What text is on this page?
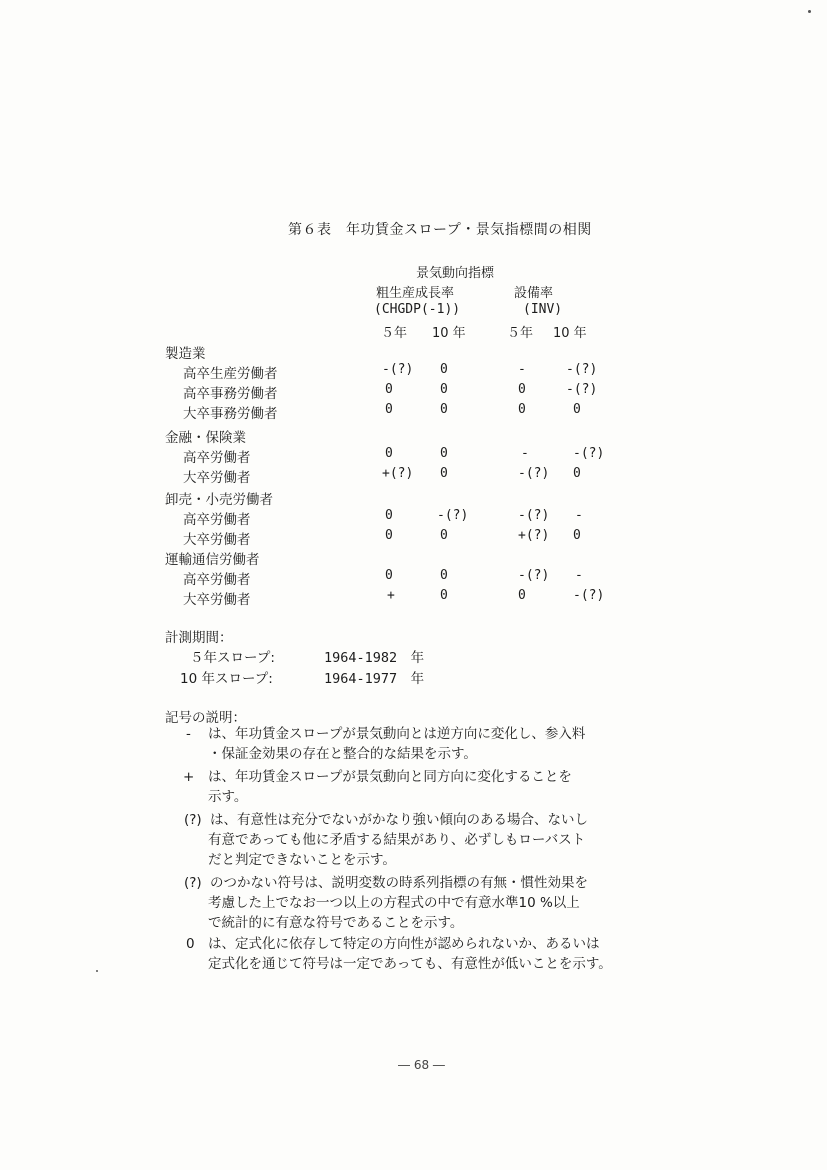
第６表　年功賃金スロープ・景気指標間の相関
景気動向指標
粗生産成長率	設備率
(CHGDP(-1))	(INV)
５年 10 年	５年 10 年
製造業
高卒生産労働者	-(?) 0	-	-(?)
高卒事務労働者	0	0	0	-(?)
大卒事務労働者	0	0	0	0
金融・保険業
高卒労働者	0	0	-	-(?)
大卒労働者	+(?) 0	-(?) 0
卸売・小売労働者
高卒労働者	0	-(?)	-(?) -
大卒労働者	0	0	+(?) 0
運輸通信労働者
高卒労働者	0	0	-(?) -
大卒労働者	+	0	0	-(?)
計測期間：
５年スロープ:	1964-1982　年
10 年スロープ:	1964-1977　年
記号の説明：
- は、年功賃金スロープが景気動向とは逆方向に変化し、参入料
・保証金効果の存在と整合的な結果を示す。
+ は、年功賃金スロープが景気動向と同方向に変化することを
示す。
(?) は、有意性は充分でないがかなり強い傾向のある場合、ないし
有意であっても他に矛盾する結果があり、必ずしもローバスト
だと判定できないことを示す。
(?) のつかない符号は、説明変数の時系列指標の有無・慣性効果を
考慮した上でなお一つ以上の方程式の中で有意水準10 %以上
で統計的に有意な符号であることを示す。
0 は、定式化に依存して特定の方向性が認められないか、あるいは
定式化を通じて符号は一定であっても、有意性が低いことを示す。
― 68 ―
